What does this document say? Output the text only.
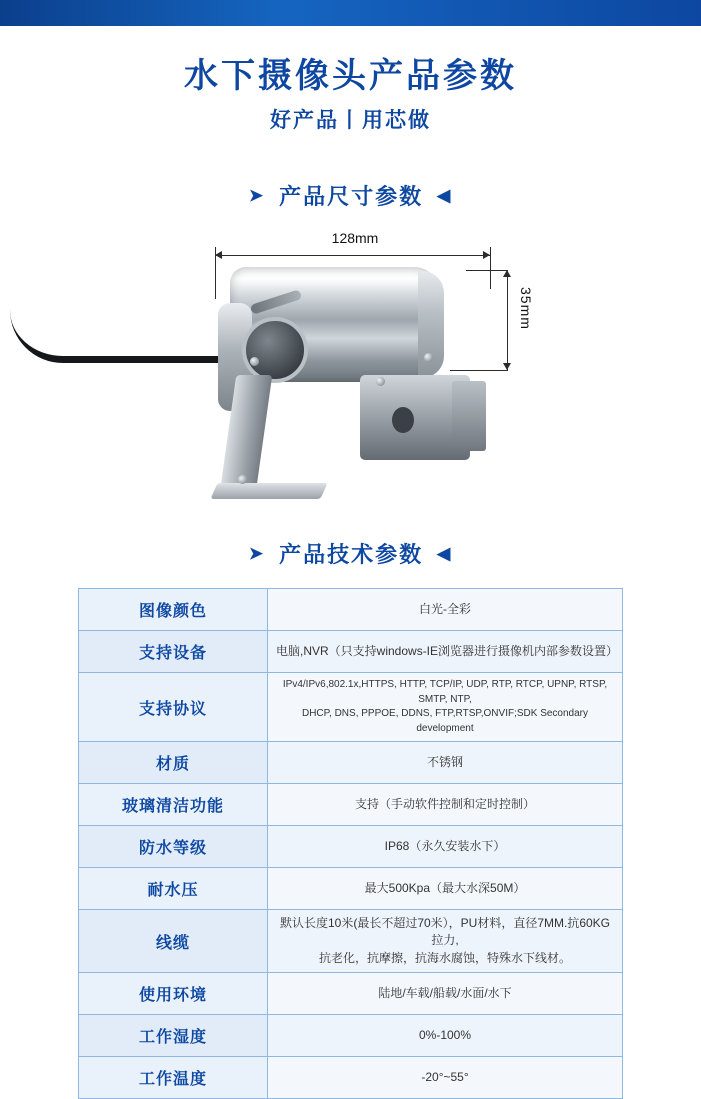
水下摄像头产品参数
好产品丨用芯做
➤ 产品尺寸参数 ◀
128mm
35mm
➤ 产品技术参数 ◀
图像颜色	白光-全彩
支持设备	电脑,NVR（只支持windows-IE浏览器进行摄像机内部参数设置）
支持协议	IPv4/IPv6,802.1x,HTTPS, HTTP, TCP/IP, UDP, RTP, RTCP, UPNP, RTSP, SMTP, NTP,
DHCP, DNS, PPPOE, DDNS, FTP,RTSP,ONVIF;SDK Secondary development

材质	不锈钢
玻璃清洁功能	支持（手动软件控制和定时控制）
防水等级	IP68（永久安装水下）
耐水压	最大500Kpa（最大水深50M）
线缆	默认长度10米(最长不超过70米），PU材料，直径7MM.抗60KG拉力,
抗老化，抗摩擦，抗海水腐蚀，特殊水下线材。

使用环境	陆地/车载/船载/水面/水下
工作湿度	0%-100%
工作温度	-20°~55°
